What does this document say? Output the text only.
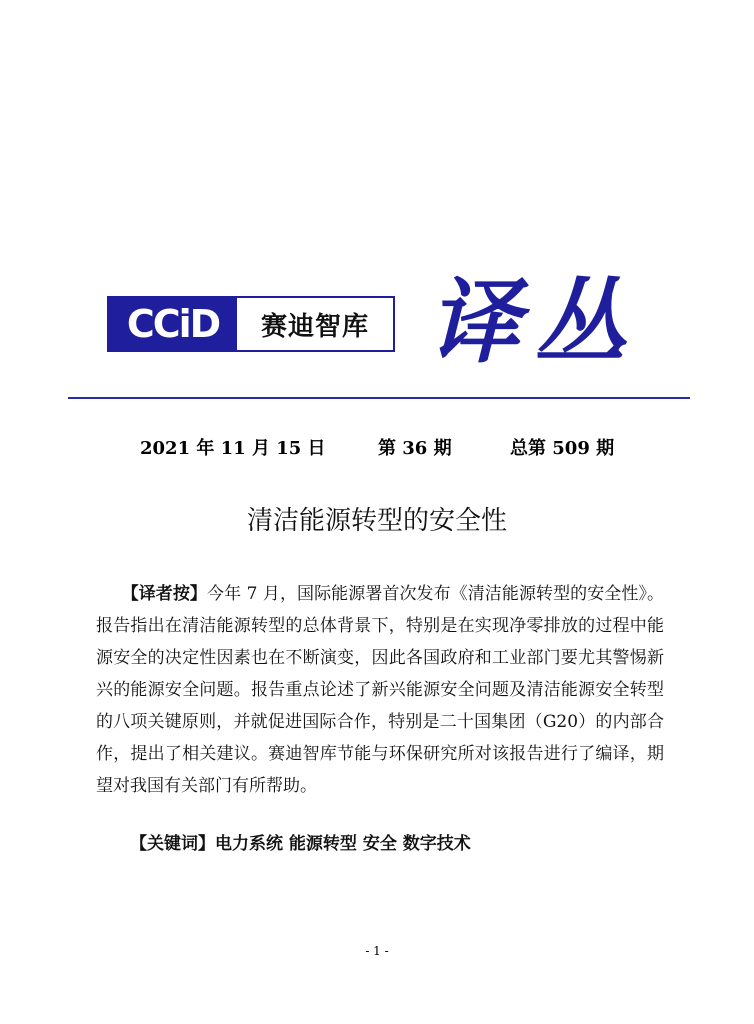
CCiD	赛迪智库 译丛
2021 年 11 月 15 日	第 36 期	总第 509 期
清洁能源转型的安全性
　　【译者按】今年 7 月，国际能源署首次发布《清洁能源转型的安全性》。报告指出在清洁能源转型的总体背景下，特别是在实现净零排放的过程中能源安全的决定性因素也在不断演变，因此各国政府和工业部门要尤其警惕新兴的能源安全问题。报告重点论述了新兴能源安全问题及清洁能源安全转型的八项关键原则，并就促进国际合作，特别是二十国集团（G20）的内部合作，提出了相关建议。赛迪智库节能与环保研究所对该报告进行了编译，期望对我国有关部门有所帮助。
【关键词】电力系统 能源转型 安全 数字技术
- 1 -
